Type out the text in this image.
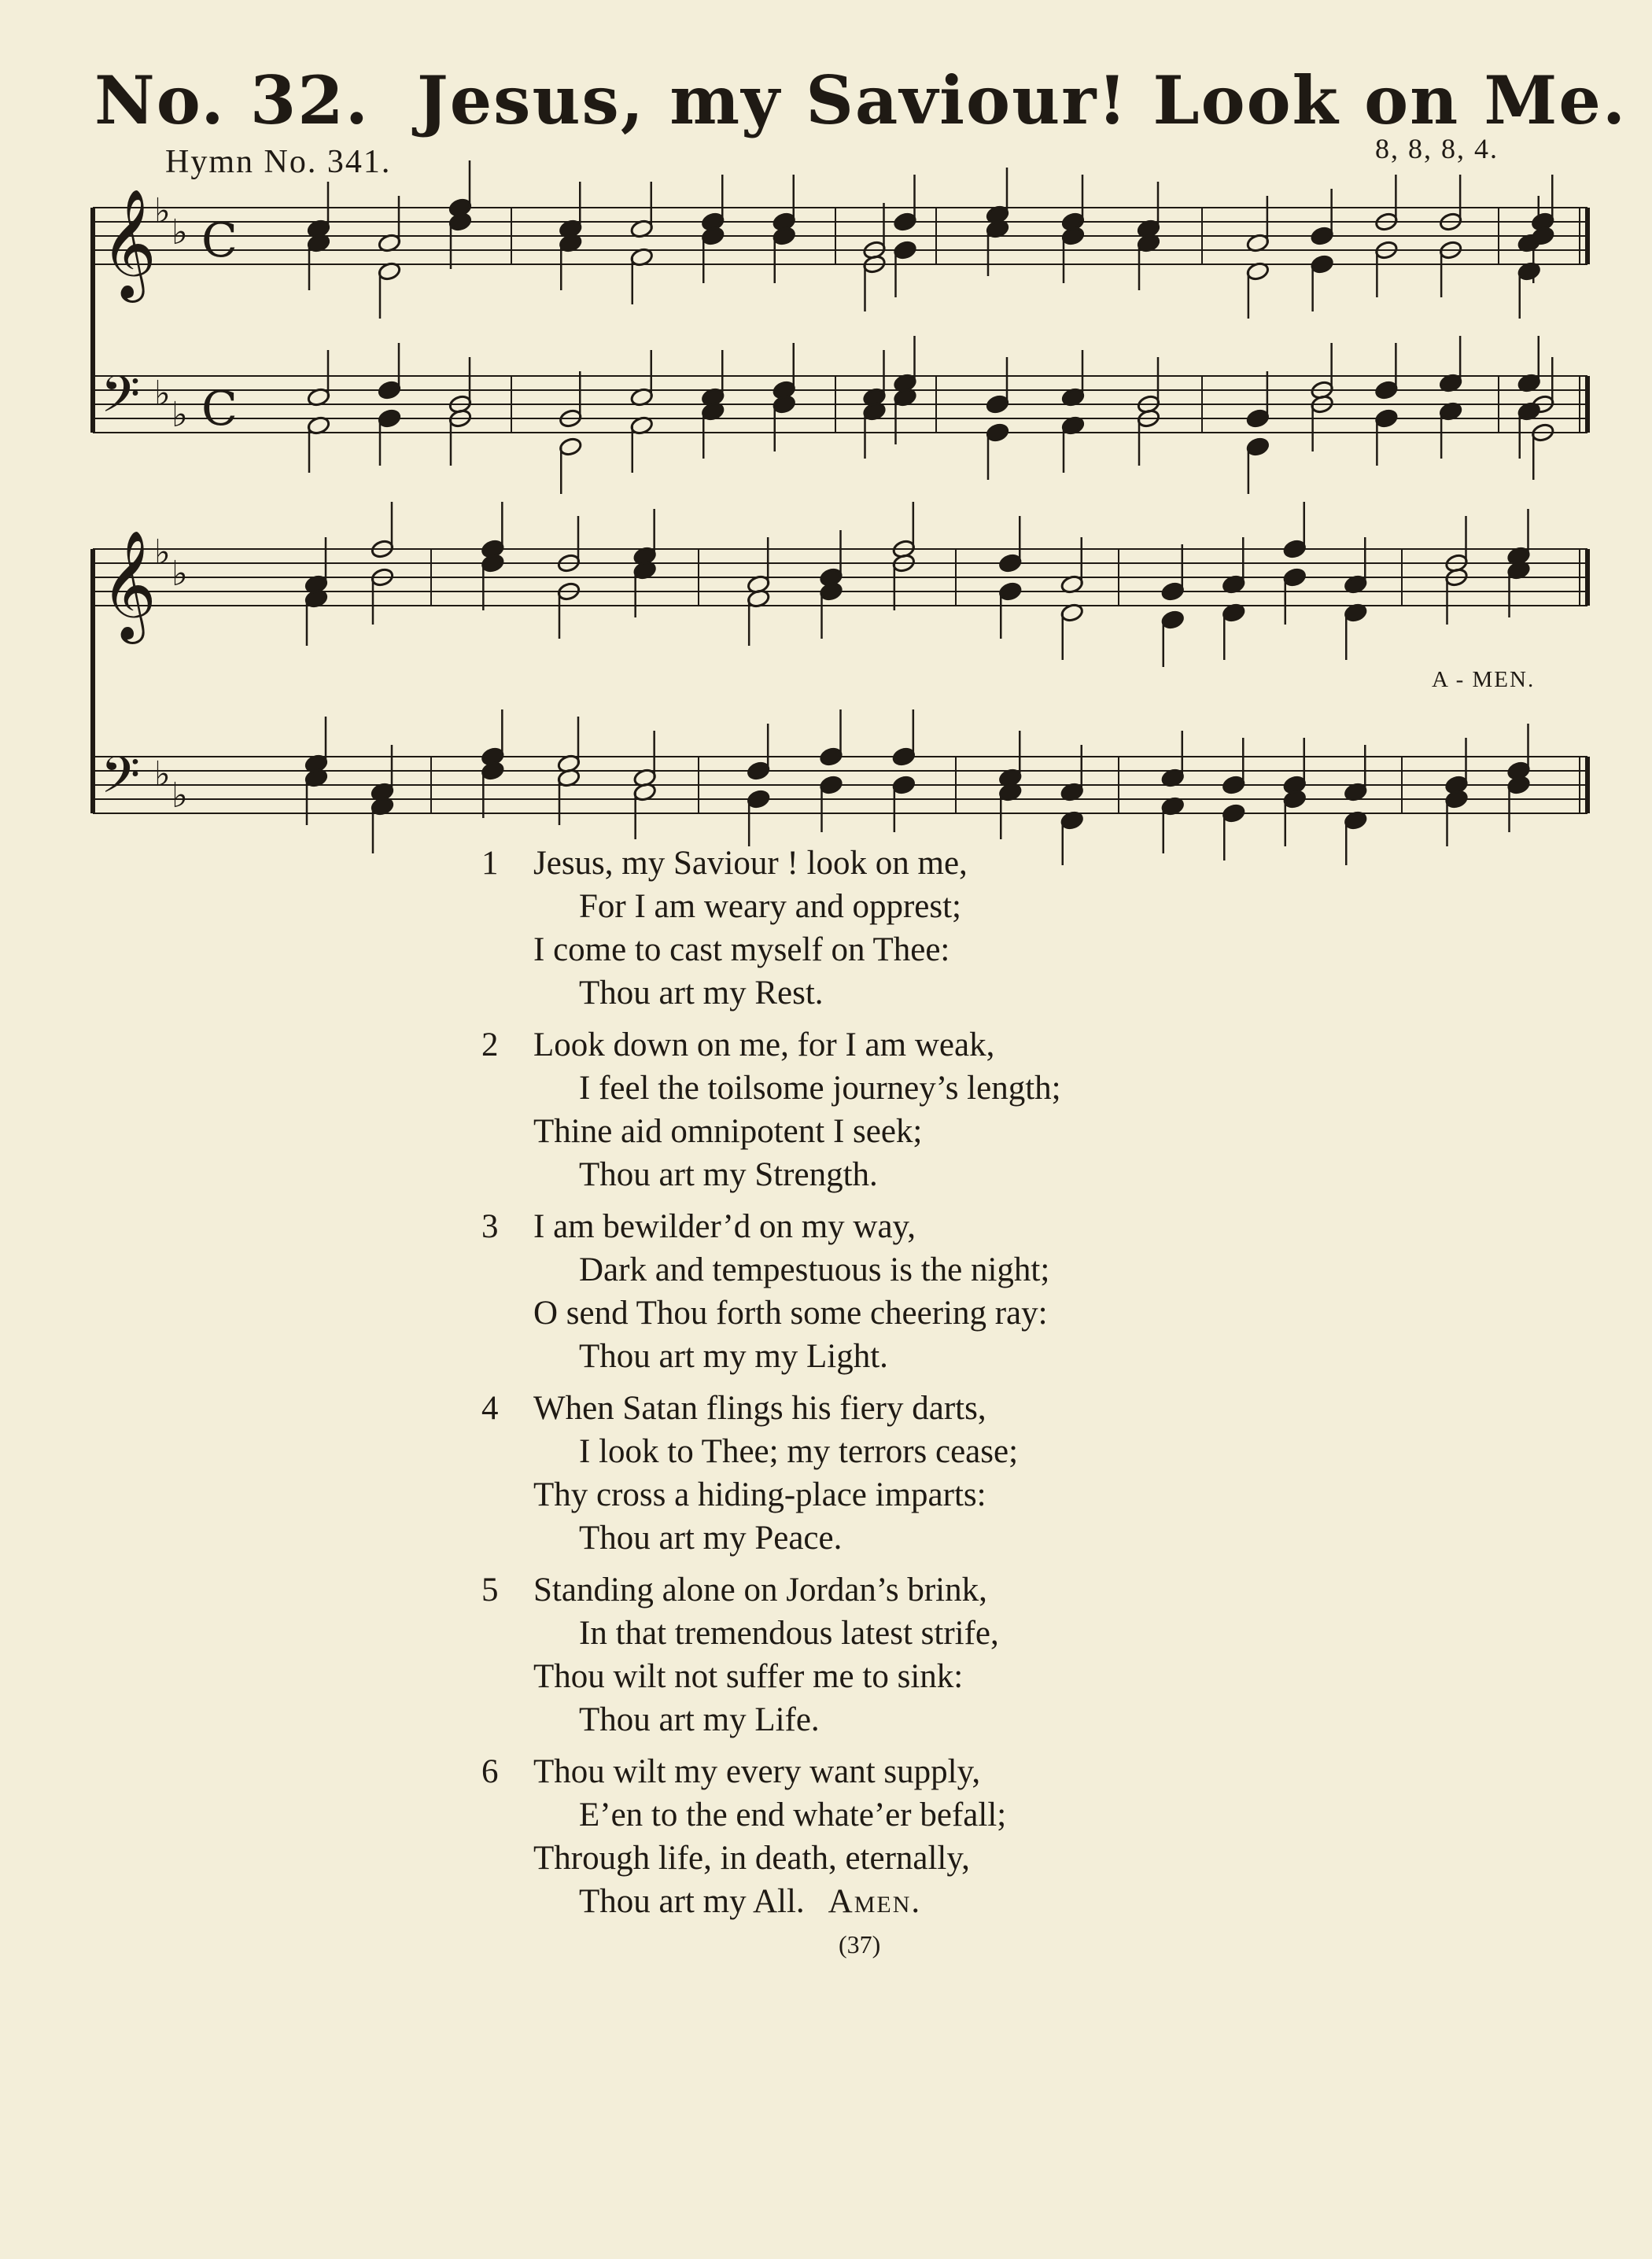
No. 32. Jesus, my Saviour! Look on Me.
Hymn No. 341.	8, 8, 8, 4.
𝄞
♭
♭ C
𝄢 ♭
♭ C
𝄞
♭
♭
𝄢 ♭
♭
A - MEN.
1	Jesus, my Saviour ! look on me,
For I am weary and opprest;
I come to cast myself on Thee:
Thou art my Rest.
2	Look down on me, for I am weak,
I feel the toilsome journey’s length;
Thine aid omnipotent I seek;
Thou art my Strength.
3	I am bewilder’d on my way,
Dark and tempestuous is the night;
O send Thou forth some cheering ray:
Thou art my my Light.
4	When Satan flings his fiery darts,
I look to Thee; my terrors cease;
Thy cross a hiding-place imparts:
Thou art my Peace.
5	Standing alone on Jordan’s brink,
In that tremendous latest strife,
Thou wilt not suffer me to sink:
Thou art my Life.
6	Thou wilt my every want supply,
E’en to the end whate’er befall;
Through life, in death, eternally,
Thou art my All. Amen.
(37)
